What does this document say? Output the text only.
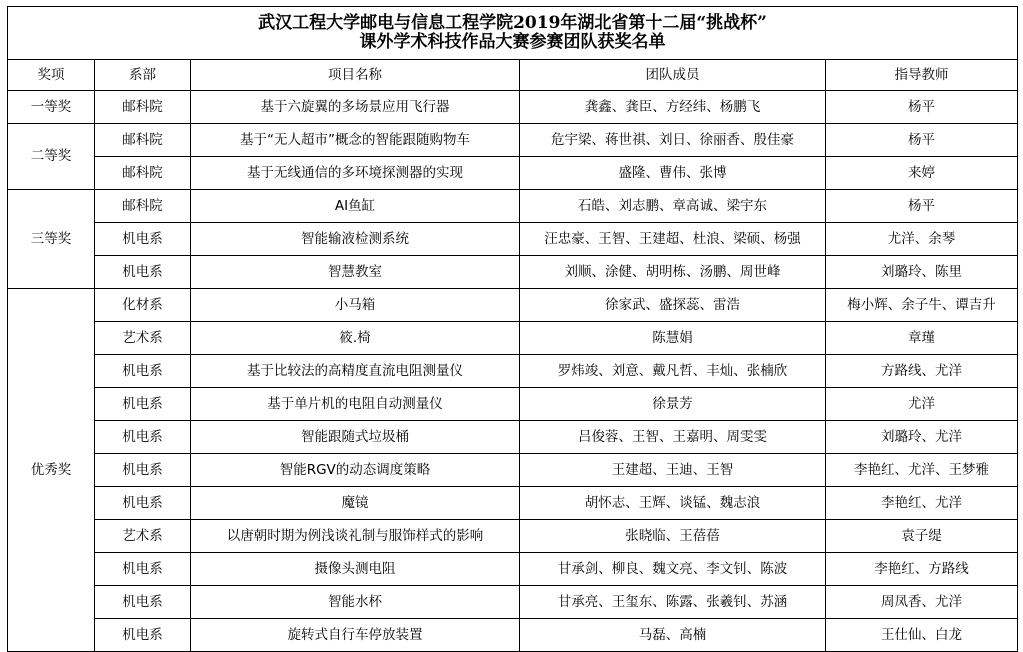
武汉工程大学邮电与信息工程学院2019年湖北省第十二届“挑战杯”
课外学术科技作品大赛参赛团队获奖名单				

奖项	系部	项目名称	团队成员	指导教师
一等奖	邮科院	基于六旋翼的多场景应用飞行器	龚鑫、龚臣、方经纬、杨鹏飞	杨平
二等奖	邮科院	基于“无人超市”概念的智能跟随购物车	危宇梁、蒋世祺、刘日、徐丽香、殷佳豪	杨平
	邮科院	基于无线通信的多环境探测器的实现	盛隆、曹伟、张博	来婷
三等奖	邮科院	AI鱼缸	石皓、刘志鹏、章高诚、梁宇东	杨平
	机电系	智能输液检测系统	汪忠豪、王智、王建超、杜浪、梁硕、杨强	尤洋、余琴
	机电系	智慧教室	刘顺、涂健、胡明栋、汤鹏、周世峰	刘璐玲、陈里
优秀奖	化材系	小马箱	徐家武、盛探蕊、雷浩	梅小辉、余子牛、谭吉升
	艺术系	筱.椅	陈慧娟	章瑾
	机电系	基于比较法的高精度直流电阻测量仪	罗炜竣、刘意、戴凡哲、丰灿、张楠欣	方路线、尤洋
	机电系	基于单片机的电阻自动测量仪	徐景芳	尤洋
	机电系	智能跟随式垃圾桶	吕俊蓉、王智、王嘉明、周雯雯	刘璐玲、尤洋
	机电系	智能RGV的动态调度策略	王建超、王迪、王智	李艳红、尤洋、王梦雅
	机电系	魔镜	胡怀志、王辉、谈锰、魏志浪	李艳红、尤洋
	艺术系	以唐朝时期为例浅谈礼制与服饰样式的影响	张晓临、王蓓蓓	袁子缇
	机电系	摄像头测电阻	甘承剑、柳良、魏文亮、李文钊、陈波	李艳红、方路线
	机电系	智能水杯	甘承亮、王玺东、陈露、张羲钊、苏涵	周凤香、尤洋
	机电系	旋转式自行车停放装置	马磊、高楠	王仕仙、白龙
